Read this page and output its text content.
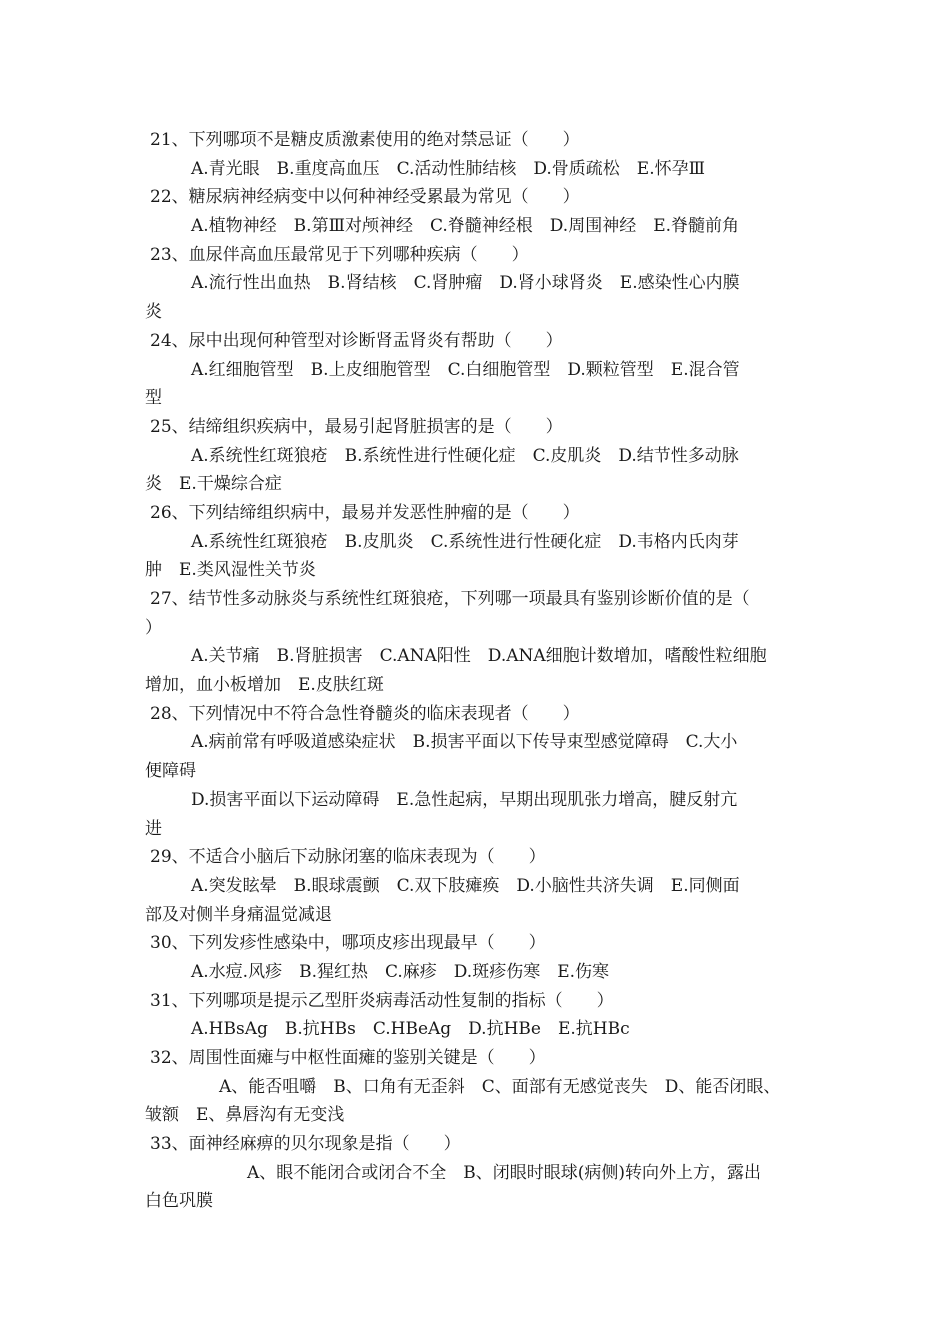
21、下列哪项不是糖皮质激素使用的绝对禁忌证（　　）
A.青光眼　B.重度高血压　C.活动性肺结核　D.骨质疏松　E.怀孕Ⅲ
22、糖尿病神经病变中以何种神经受累最为常见（　　）
A.植物神经　B.第Ⅲ对颅神经　C.脊髓神经根　D.周围神经　E.脊髓前角
23、血尿伴高血压最常见于下列哪种疾病（　　）
A.流行性出血热　B.肾结核　C.肾肿瘤　D.肾小球肾炎　E.感染性心内膜
炎
24、尿中出现何种管型对诊断肾盂肾炎有帮助（　　）
A.红细胞管型　B.上皮细胞管型　C.白细胞管型　D.颗粒管型　E.混合管
型
25、结缔组织疾病中，最易引起肾脏损害的是（　　）
A.系统性红斑狼疮　B.系统性进行性硬化症　C.皮肌炎　D.结节性多动脉
炎　E.干燥综合症
26、下列结缔组织病中，最易并发恶性肿瘤的是（　　）
A.系统性红斑狼疮　B.皮肌炎　C.系统性进行性硬化症　D.韦格内氏肉芽
肿　E.类风湿性关节炎
27、结节性多动脉炎与系统性红斑狼疮，下列哪一项最具有鉴别诊断价值的是（
）
A.关节痛　B.肾脏损害　C.ANA阳性　D.ANA细胞计数增加，嗜酸性粒细胞
增加，血小板增加　E.皮肤红斑
28、下列情况中不符合急性脊髓炎的临床表现者（　　）
A.病前常有呼吸道感染症状　B.损害平面以下传导束型感觉障碍　C.大小
便障碍
D.损害平面以下运动障碍　E.急性起病，早期出现肌张力增高，腱反射亢
进
29、不适合小脑后下动脉闭塞的临床表现为（　　）
A.突发眩晕　B.眼球震颤　C.双下肢瘫痪　D.小脑性共济失调　E.同侧面
部及对侧半身痛温觉减退
30、下列发疹性感染中，哪项皮疹出现最早（　　）
A.水痘.风疹　B.猩红热　C.麻疹　D.斑疹伤寒　E.伤寒
31、下列哪项是提示乙型肝炎病毒活动性复制的指标（　　）
A.HBsAg　B.抗HBs　C.HBeAg　D.抗HBe　E.抗HBc
32、周围性面瘫与中枢性面瘫的鉴别关键是（　　）
A、能否咀嚼　B、口角有无歪斜　C、面部有无感觉丧失　D、能否闭眼、
皱额　E、鼻唇沟有无变浅
33、面神经麻痹的贝尔现象是指（　　）
A、眼不能闭合或闭合不全　B、闭眼时眼球(病侧)转向外上方，露出
白色巩膜
